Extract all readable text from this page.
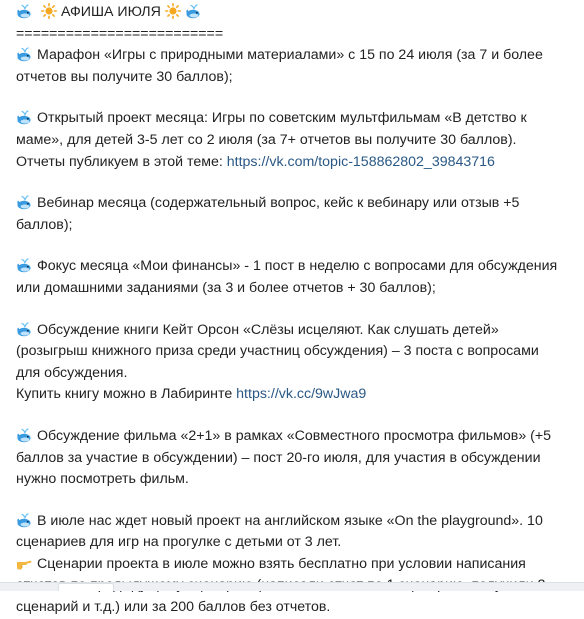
АФИША ИЮЛЯ
=========================
Марафон «Игры с природными материалами» с 15 по 24 июля (за 7 и более
отчетов вы получите 30 баллов);
Открытый проект месяца: Игры по советским мультфильмам «В детство к
маме», для детей 3-5 лет со 2 июля (за 7+ отчетов вы получите 30 баллов).
Отчеты публикуем в этой теме: https://vk.com/topic-158862802_39843716
Вебинар месяца (содержательный вопрос, кейс к вебинару или отзыв +5
баллов);
Фокус месяца «Мои финансы» - 1 пост в неделю с вопросами для обсуждения
или домашними заданиями (за 3 и более отчетов + 30 баллов);
Обсуждение книги Кейт Орсон «Слёзы исцеляют. Как слушать детей»
(розыгрыш книжного приза среди участниц обсуждения) – 3 поста с вопросами
для обсуждения.
Купить книгу можно в Лабиринте https://vk.cc/9wJwa9
Обсуждение фильма «2+1» в рамках «Совместного просмотра фильмов» (+5
баллов за участие в обсуждении) – пост 20-го июля, для участия в обсуждении
нужно посмотреть фильм.
В июле нас ждет новый проект на английском языке «On the playground». 10
сценариев для игр на прогулке с детьми от 3 лет.
Сценарии проекта в июле можно взять бесплатно при условии написания
сценарий и т.д.) или за 200 баллов без отчетов.
